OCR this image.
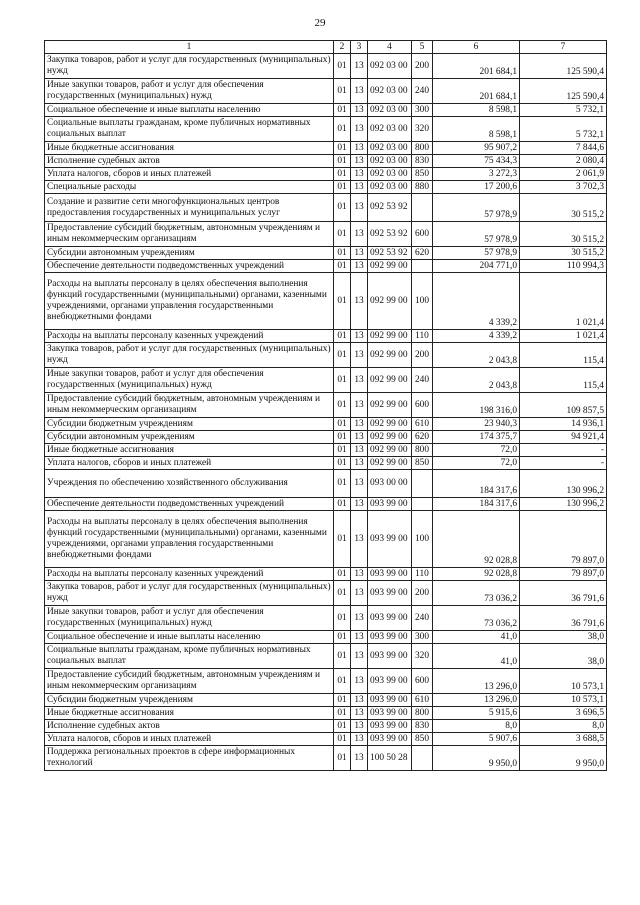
29
1	2	3	4	5	6	7
Закупка товаров, работ и услуг для государственных (муниципальных) нужд	01	13	092 03 00	200	201 684,1	125 590,4
Иные закупки товаров, работ и услуг для обеспечения государственных (муниципальных) нужд	01	13	092 03 00	240	201 684,1	125 590,4
Социальное обеспечение и иные выплаты населению	01	13	092 03 00	300	8 598,1	5 732,1
Социальные выплаты гражданам, кроме публичных нормативных социальных выплат	01	13	092 03 00	320	8 598,1	5 732,1
Иные бюджетные ассигнования	01	13	092 03 00	800	95 907,2	7 844,6
Исполнение судебных актов	01	13	092 03 00	830	75 434,3	2 080,4
Уплата налогов, сборов и иных платежей	01	13	092 03 00	850	3 272,3	2 061,9
Специальные расходы	01	13	092 03 00	880	17 200,6	3 702,3
Создание и развитие сети многофункциональных центров предоставления государственных и муниципальных услуг	01	13	092 53 92		57 978,9	30 515,2
Предоставление субсидий бюджетным, автономным учреждениям и иным некоммерческим организациям	01	13	092 53 92	600	57 978,9	30 515,2
Субсидии автономным учреждениям	01	13	092 53 92	620	57 978,9	30 515,2
Обеспечение деятельности подведомственных учреждений	01	13	092 99 00		204 771,0	110 994,3
Расходы на выплаты персоналу в целях обеспечения выполнения функций государственными (муниципальными) органами, казенными учреждениями, органами управления государственными внебюджетными фондами	01	13	092 99 00	100	4 339,2	1 021,4
Расходы на выплаты персоналу казенных учреждений	01	13	092 99 00	110	4 339,2	1 021,4
Закупка товаров, работ и услуг для государственных (муниципальных) нужд	01	13	092 99 00	200	2 043,8	115,4
Иные закупки товаров, работ и услуг для обеспечения государственных (муниципальных) нужд	01	13	092 99 00	240	2 043,8	115,4
Предоставление субсидий бюджетным, автономным учреждениям и иным некоммерческим организациям	01	13	092 99 00	600	198 316,0	109 857,5
Субсидии бюджетным учреждениям	01	13	092 99 00	610	23 940,3	14 936,1
Субсидии автономным учреждениям	01	13	092 99 00	620	174 375,7	94 921,4
Иные бюджетные ассигнования	01	13	092 99 00	800	72,0	-
Уплата налогов, сборов и иных платежей	01	13	092 99 00	850	72,0	-
Учреждения по обеспечению хозяйственного обслуживания	01	13	093 00 00		184 317,6	130 996,2
Обеспечение деятельности подведомственных учреждений	01	13	093 99 00		184 317,6	130 996,2
Расходы на выплаты персоналу в целях обеспечения выполнения функций государственными (муниципальными) органами, казенными учреждениями, органами управления государственными внебюджетными фондами	01	13	093 99 00	100	92 028,8	79 897,0
Расходы на выплаты персоналу казенных учреждений	01	13	093 99 00	110	92 028,8	79 897,0
Закупка товаров, работ и услуг для государственных (муниципальных) нужд	01	13	093 99 00	200	73 036,2	36 791,6
Иные закупки товаров, работ и услуг для обеспечения государственных (муниципальных) нужд	01	13	093 99 00	240	73 036,2	36 791,6
Социальное обеспечение и иные выплаты населению	01	13	093 99 00	300	41,0	38,0
Социальные выплаты гражданам, кроме публичных нормативных социальных выплат	01	13	093 99 00	320	41,0	38,0
Предоставление субсидий бюджетным, автономным учреждениям и иным некоммерческим организациям	01	13	093 99 00	600	13 296,0	10 573,1
Субсидии бюджетным учреждениям	01	13	093 99 00	610	13 296,0	10 573,1
Иные бюджетные ассигнования	01	13	093 99 00	800	5 915,6	3 696,5
Исполнение судебных актов	01	13	093 99 00	830	8,0	8,0
Уплата налогов, сборов и иных платежей	01	13	093 99 00	850	5 907,6	3 688,5
Поддержка региональных проектов в сфере информационных технологий	01	13	100 50 28		9 950,0	9 950,0
